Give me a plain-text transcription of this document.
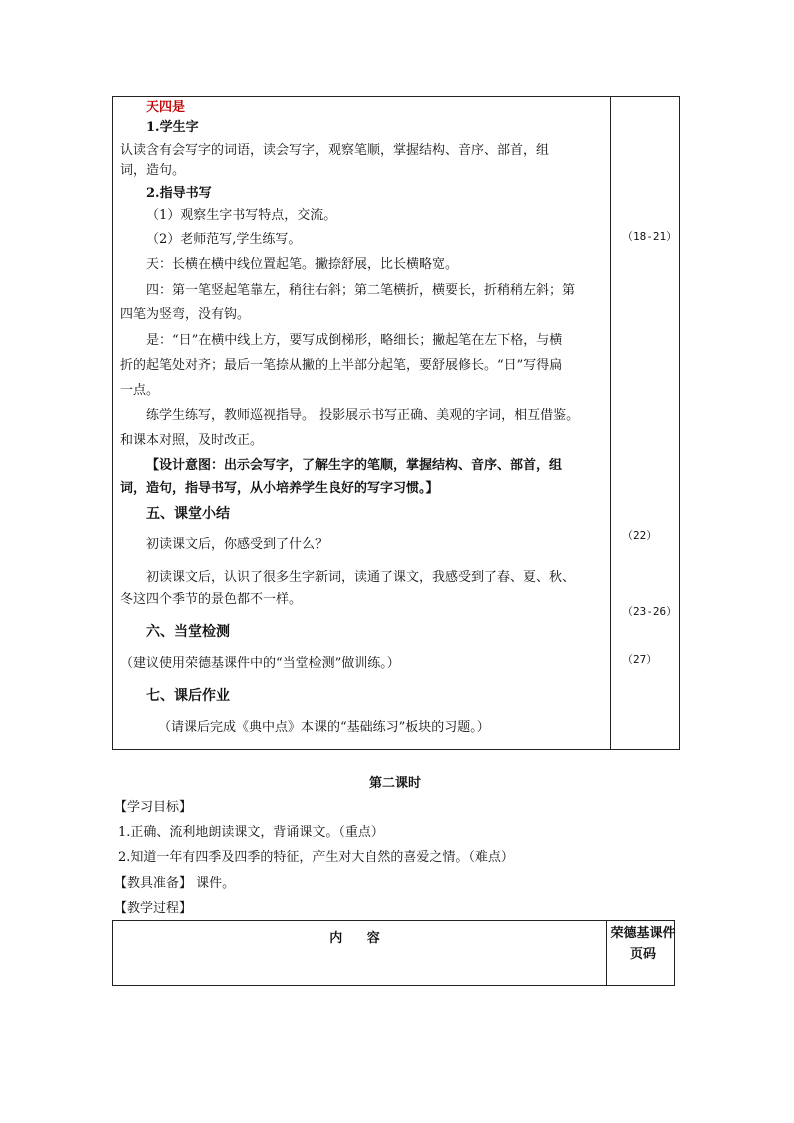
天四是
1.学生字
认读含有会写字的词语，读会写字，观察笔顺，掌握结构、音序、部首，组
词，造句。
2.指导书写
（1）观察生字书写特点，交流。
（2）老师范写,学生练写。
天：长横在横中线位置起笔。撇捺舒展，比长横略宽。
四：第一笔竖起笔靠左，稍往右斜；第二笔横折，横要长，折稍稍左斜；第
四笔为竖弯，没有钩。
是：“日”在横中线上方，要写成倒梯形，略细长；撇起笔在左下格，与横
折的起笔处对齐；最后一笔捺从撇的上半部分起笔，要舒展修长。“日”写得扁
一点。
练学生练写，教师巡视指导。 投影展示书写正确、美观的字词，相互借鉴。
和课本对照，及时改正。
【设计意图：出示会写字，了解生字的笔顺，掌握结构、音序、部首，组
词，造句，指导书写，从小培养学生良好的写字习惯。】
五、课堂小结
初读课文后，你感受到了什么？
初读课文后，认识了很多生字新词，读通了课文，我感受到了春、夏、秋、
冬这四个季节的景色都不一样。
六、当堂检测
（建议使用荣德基课件中的“当堂检测”做训练。）
七、课后作业
（请课后完成《典中点》本课的“基础练习”板块的习题。）
（18-21）
（22）
（23-26）
（27）
第二课时
【学习目标】
1.正确、流利地朗读课文，背诵课文。（重点）
2.知道一年有四季及四季的特征，产生对大自然的喜爱之情。（难点）
【教具准备】 课件。
【教学过程】
内 容	荣德基课件页码
